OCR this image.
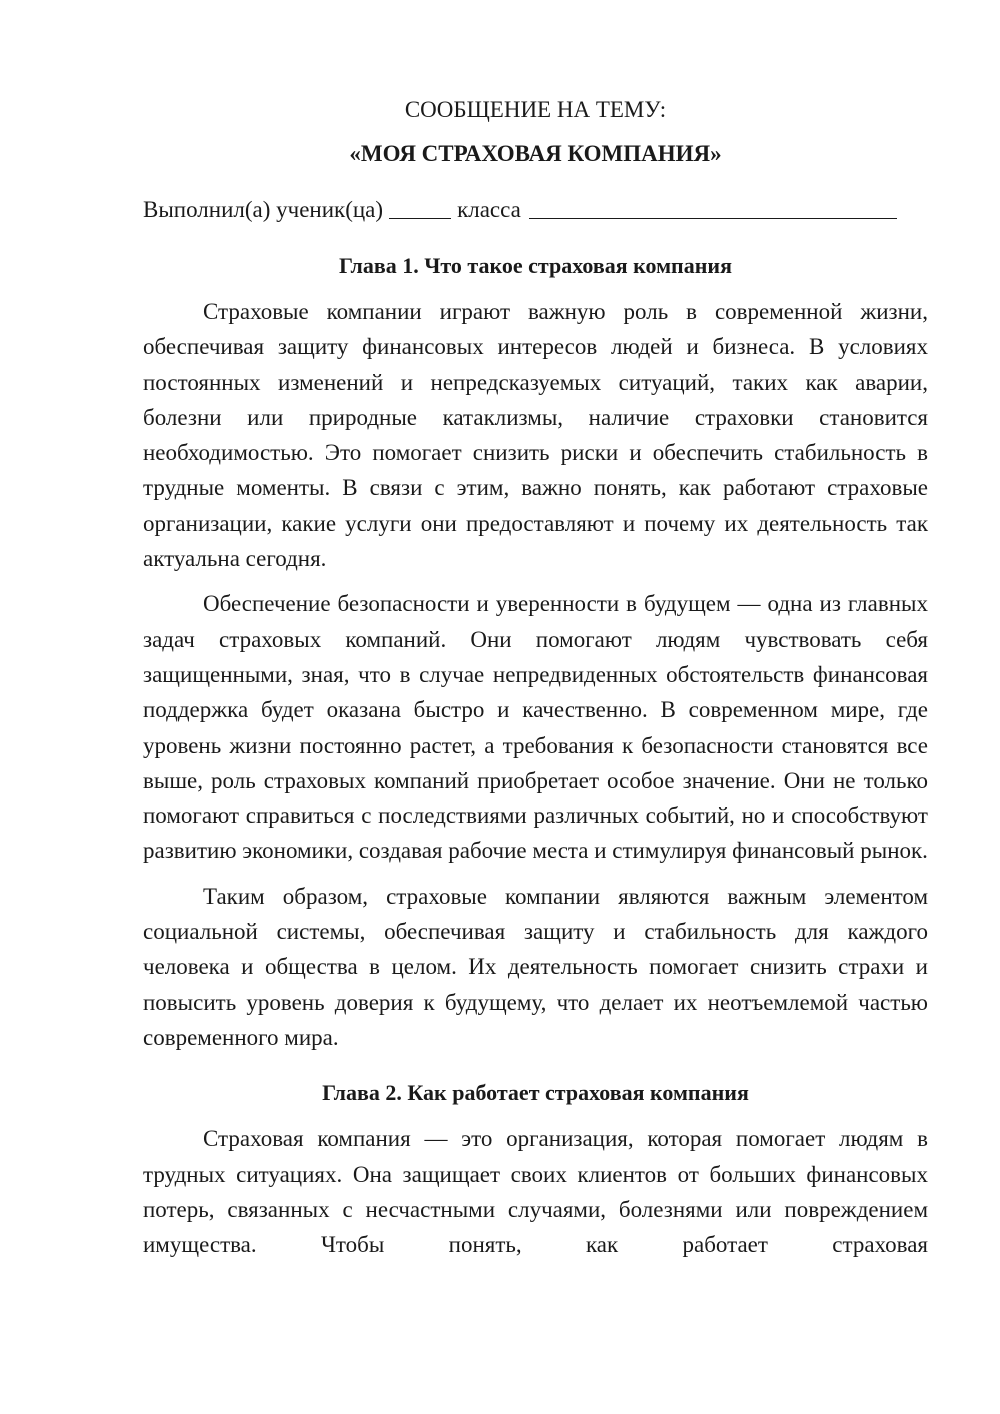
СООБЩЕНИЕ НА ТЕМУ:

«МОЯ СТРАХОВАЯ КОМПАНИЯ»

Выполнил(а) ученик(ца)	класса

Глава 1. Что такое страховая компания

Страховые компании играют важную роль в современной жизни, обеспечивая защиту финансовых интересов людей и бизнеса. В условиях постоянных изменений и непредсказуемых ситуаций, таких как аварии, болезни или природные катаклизмы, наличие страховки становится необходимостью. Это помогает снизить риски и обеспечить стабильность в трудные моменты. В связи с этим, важно понять, как работают страховые организации, какие услуги они предоставляют и почему их деятельность так актуальна сегодня.

Обеспечение безопасности и уверенности в будущем — одна из главных задач страховых компаний. Они помогают людям чувствовать себя защищенными, зная, что в случае непредвиденных обстоятельств финансовая поддержка будет оказана быстро и качественно. В современном мире, где уровень жизни постоянно растет, а требования к безопасности становятся все выше, роль страховых компаний приобретает особое значение. Они не только помогают справиться с последствиями различных событий, но и способствуют развитию экономики, создавая рабочие места и стимулируя финансовый рынок.

Таким образом, страховые компании являются важным элементом социальной системы, обеспечивая защиту и стабильность для каждого человека и общества в целом. Их деятельность помогает снизить страхи и повысить уровень доверия к будущему, что делает их неотъемлемой частью современного мира.

Глава 2. Как работает страховая компания

Страховая компания — это организация, которая помогает людям в трудных ситуациях. Она защищает своих клиентов от больших финансовых потерь, связанных с несчастными случаями, болезнями или повреждением имущества. Чтобы понять, как работает страховая
